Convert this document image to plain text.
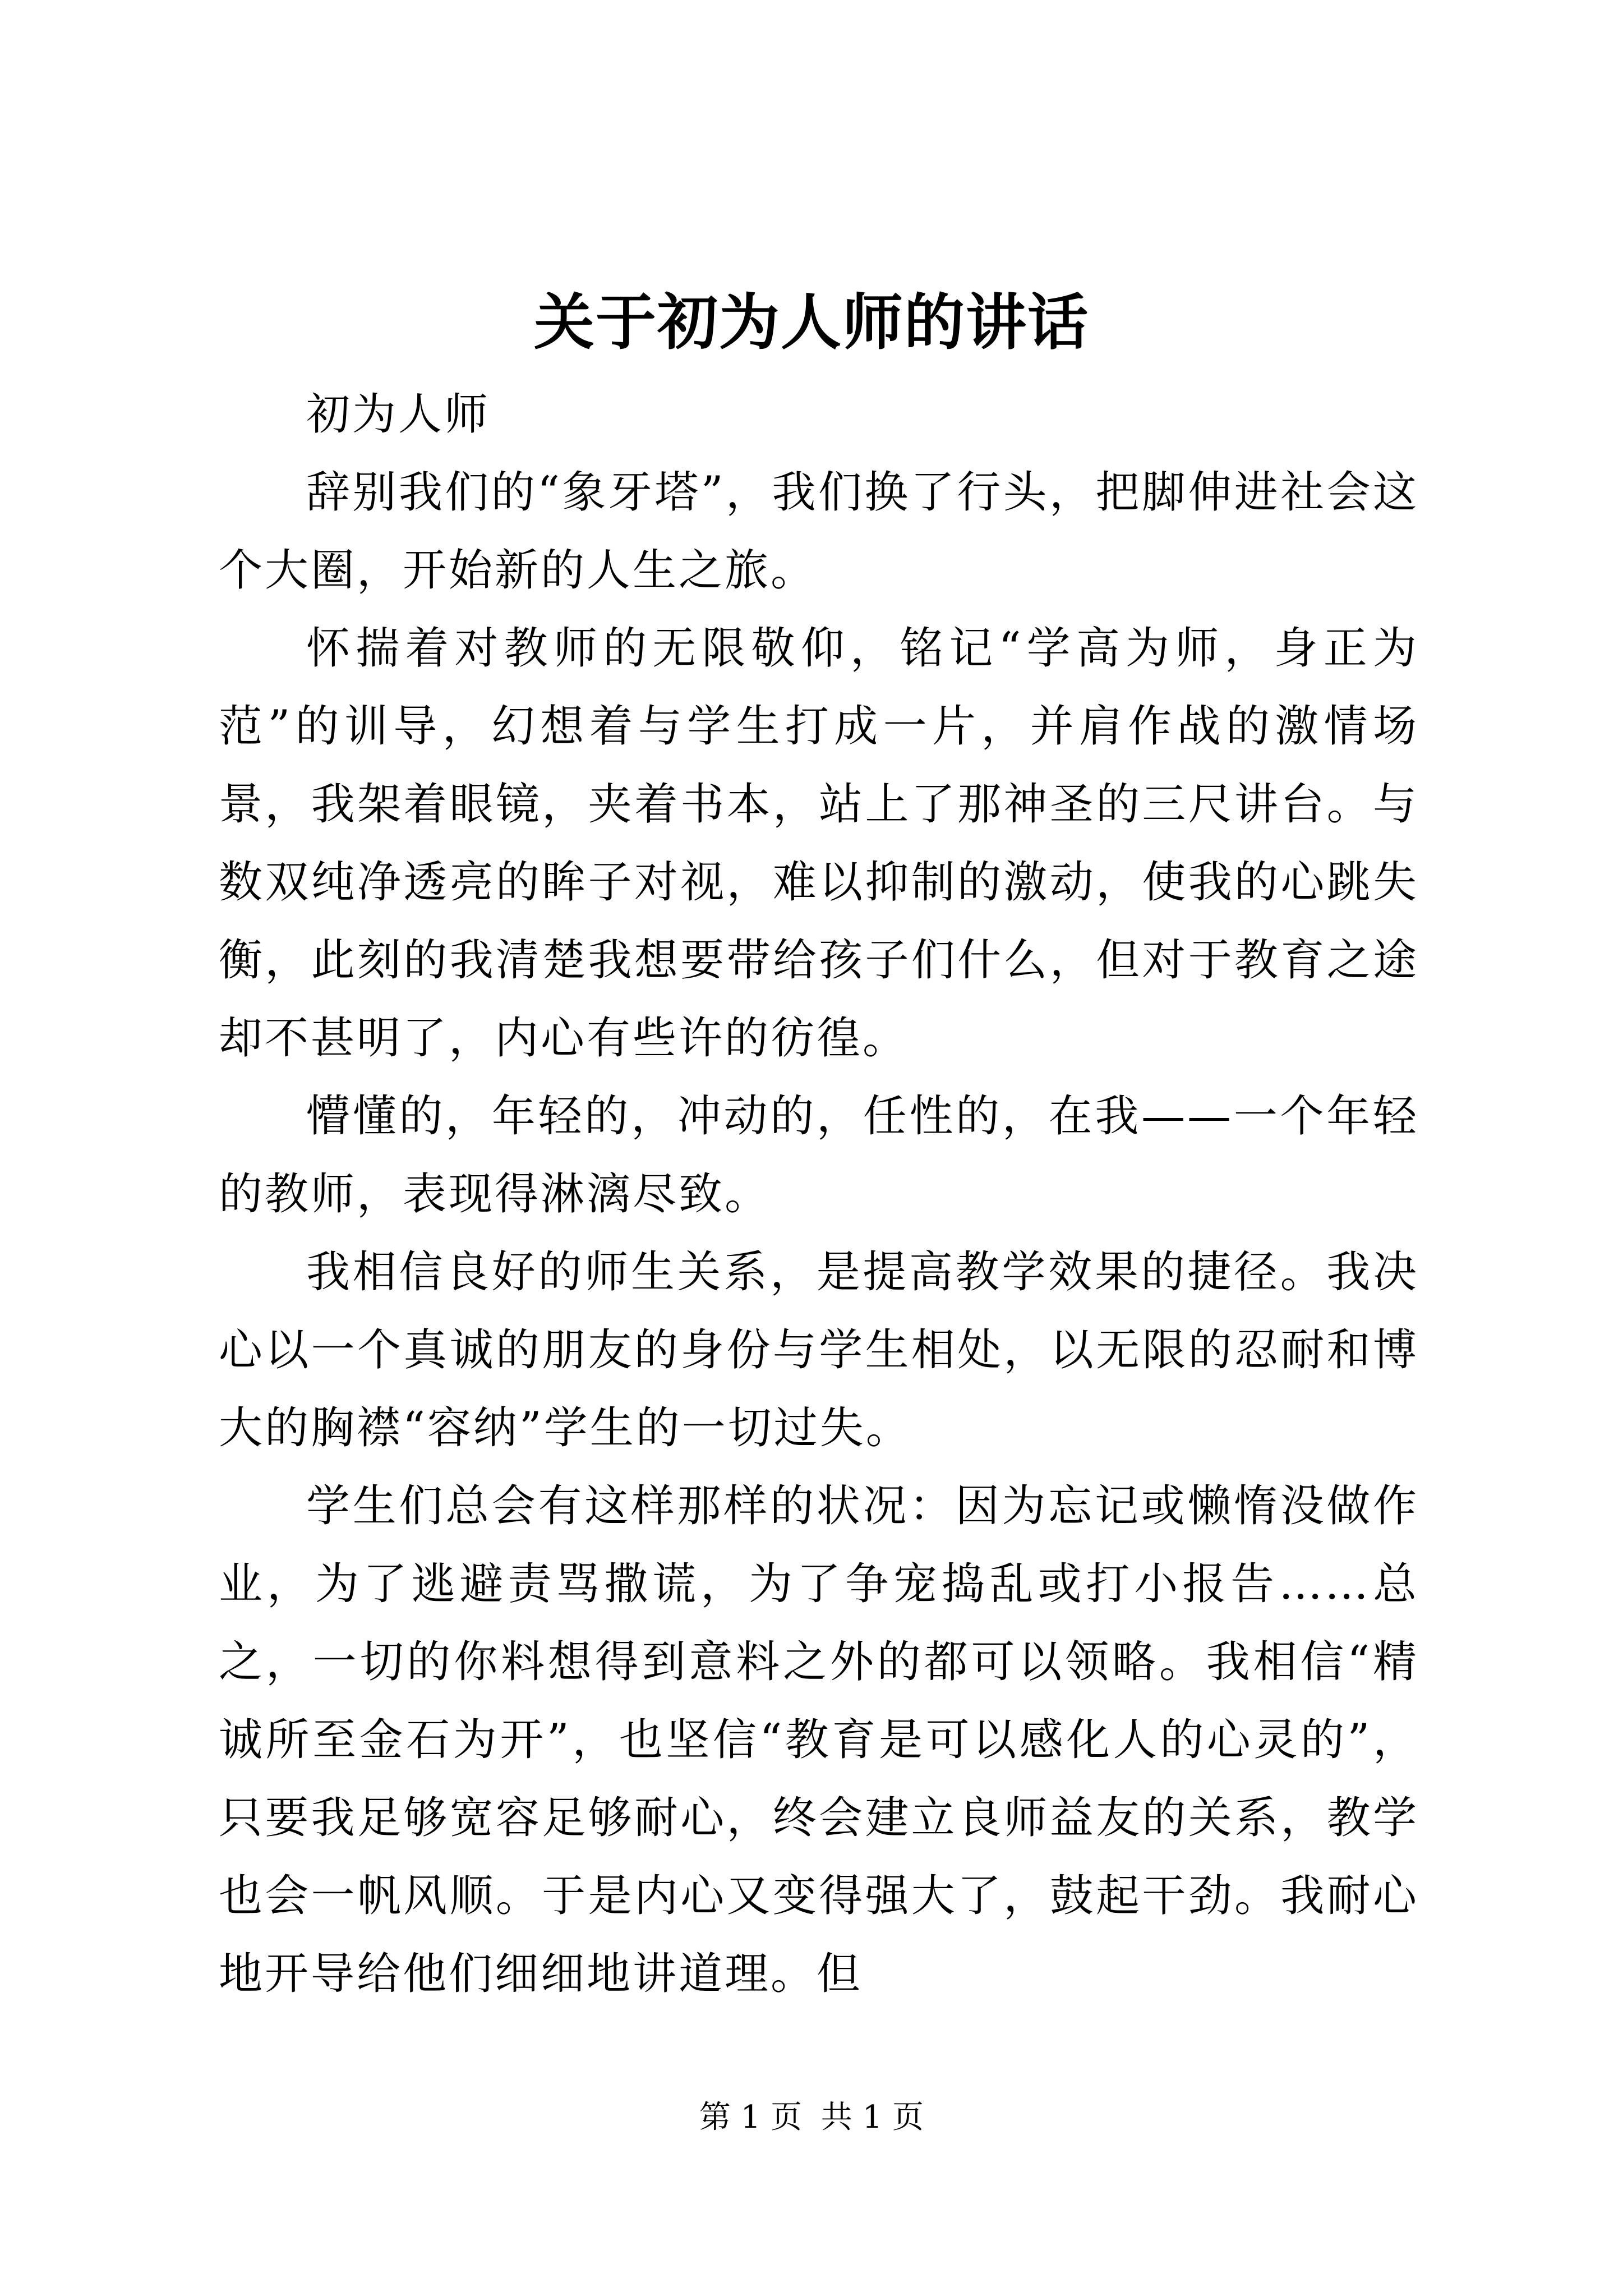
关于初为人师的讲话

初为人师

辞别我们的“象牙塔”，我们换了行头，把脚伸进社会这个大圈，开始新的人生之旅。

怀揣着对教师的无限敬仰，铭记“学高为师，身正为范”的训导，幻想着与学生打成一片，并肩作战的激情场景，我架着眼镜，夹着书本，站上了那神圣的三尺讲台。与数双纯净透亮的眸子对视，难以抑制的激动，使我的心跳失衡，此刻的我清楚我想要带给孩子们什么，但对于教育之途却不甚明了，内心有些许的彷徨。

懵懂的，年轻的，冲动的，任性的，在我——一个年轻的教师，表现得淋漓尽致。

我相信良好的师生关系，是提高教学效果的捷径。我决心以一个真诚的朋友的身份与学生相处，以无限的忍耐和博大的胸襟“容纳”学生的一切过失。

学生们总会有这样那样的状况：因为忘记或懒惰没做作业，为了逃避责骂撒谎，为了争宠捣乱或打小报告……总之，一切的你料想得到意料之外的都可以领略。我相信“精诚所至金石为开”，也坚信“教育是可以感化人的心灵的”，只要我足够宽容足够耐心，终会建立良师益友的关系，教学也会一帆风顺。于是内心又变得强大了，鼓起干劲。我耐心地开导给他们细细地讲道理。但

第 1 页 共 1 页
